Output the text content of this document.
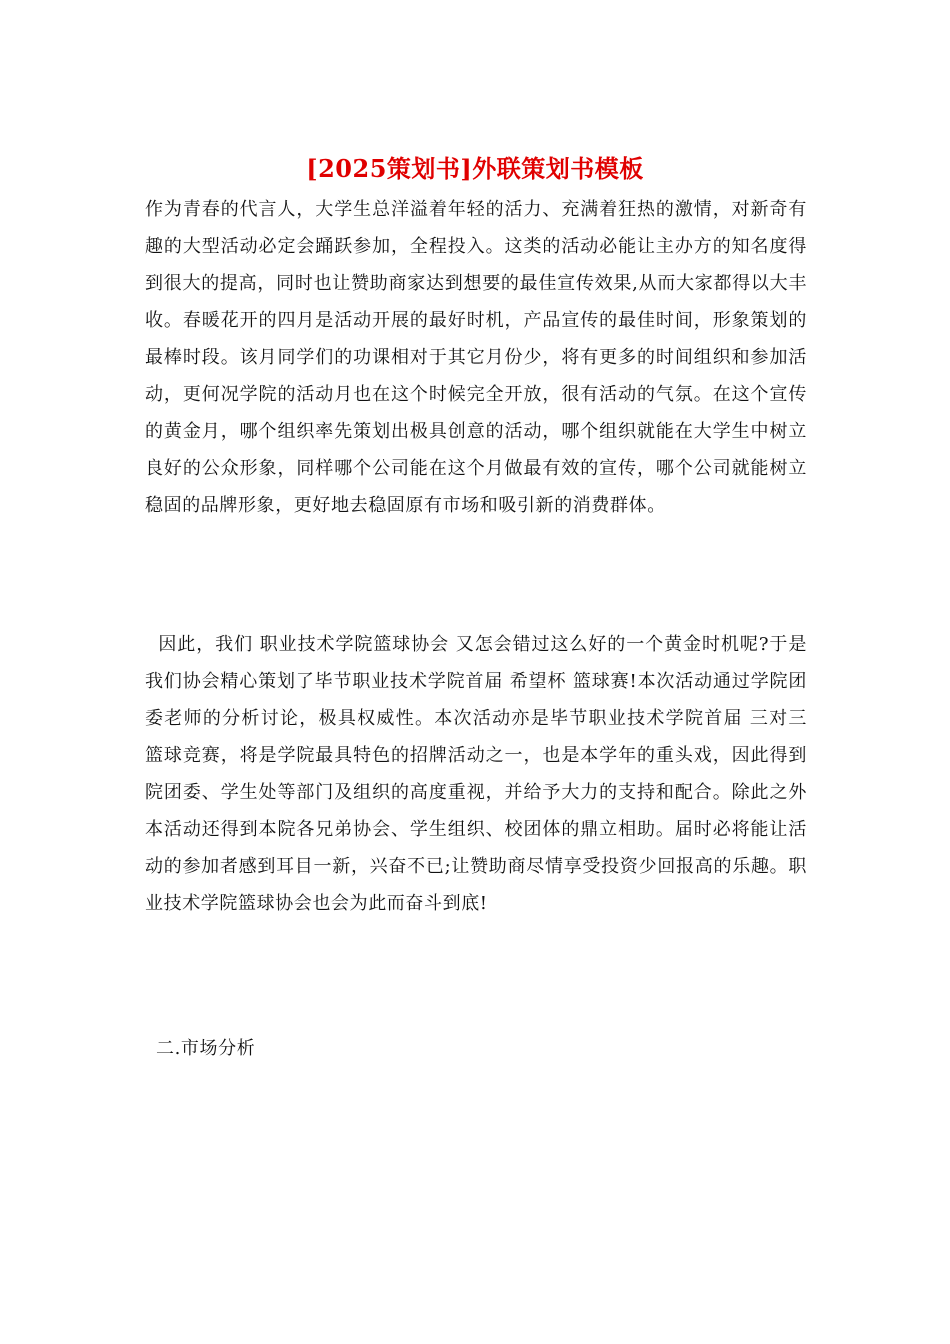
[2025策划书]外联策划书模板

作为青春的代言人，大学生总洋溢着年轻的活力、充满着狂热的激情，对新奇有趣的大型活动必定会踊跃参加，全程投入。这类的活动必能让主办方的知名度得到很大的提高，同时也让赞助商家达到想要的最佳宣传效果,从而大家都得以大丰收。春暖花开的四月是活动开展的最好时机，产品宣传的最佳时间，形象策划的最棒时段。该月同学们的功课相对于其它月份少，将有更多的时间组织和参加活动，更何况学院的活动月也在这个时候完全开放，很有活动的气氛。在这个宣传的黄金月，哪个组织率先策划出极具创意的活动，哪个组织就能在大学生中树立良好的公众形象，同样哪个公司能在这个月做最有效的宣传，哪个公司就能树立稳固的品牌形象，更好地去稳固原有市场和吸引新的消费群体。

因此，我们 职业技术学院篮球协会 又怎会错过这么好的一个黄金时机呢?于是我们协会精心策划了毕节职业技术学院首届 希望杯 篮球赛!本次活动通过学院团委老师的分析讨论，极具权威性。本次活动亦是毕节职业技术学院首届 三对三 篮球竞赛，将是学院最具特色的招牌活动之一，也是本学年的重头戏，因此得到院团委、学生处等部门及组织的高度重视，并给予大力的支持和配合。除此之外本活动还得到本院各兄弟协会、学生组织、校团体的鼎立相助。届时必将能让活动的参加者感到耳目一新，兴奋不已;让赞助商尽情享受投资少回报高的乐趣。职业技术学院篮球协会也会为此而奋斗到底!

二.市场分析
